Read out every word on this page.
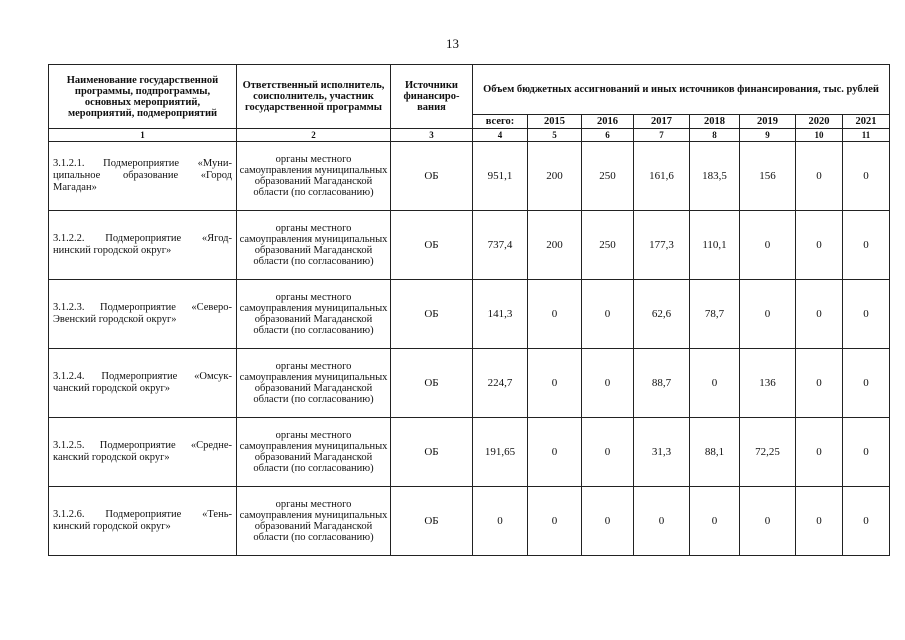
13
Наименование государственной программы, подпрограммы, основных мероприятий, мероприятий, подмероприятий	Ответственный исполнитель, соисполнитель, участник государственной программы	Источники финансиро-вания	Объем бюджетных ассигнований и иных источников финансирования, тыс. рублей							
			всего:	2015	2016	2017	2018	2019	2020	2021
1	2	3	4	5	6	7	8	9	10	11
3.1.2.1. Подмероприятие «Муни-ципальное образование «Город Магадан»	органы местного самоуправления муниципальных образований Магаданской области (по согласованию)	ОБ	951,1	200	250	161,6	183,5	156	0	0
3.1.2.2. Подмероприятие «Ягод-нинский городской округ»	органы местного самоуправления муниципальных образований Магаданской области (по согласованию)	ОБ	737,4	200	250	177,3	110,1	0	0	0
3.1.2.3. Подмероприятие «Северо-Эвенский городской округ»	органы местного самоуправления муниципальных образований Магаданской области (по согласованию)	ОБ	141,3	0	0	62,6	78,7	0	0	0
3.1.2.4. Подмероприятие «Омсук-чанский городской округ»	органы местного самоуправления муниципальных образований Магаданской области (по согласованию)	ОБ	224,7	0	0	88,7	0	136	0	0
3.1.2.5. Подмероприятие «Средне-канский городской округ»	органы местного самоуправления муниципальных образований Магаданской области (по согласованию)	ОБ	191,65	0	0	31,3	88,1	72,25	0	0
3.1.2.6. Подмероприятие «Тень-кинский городской округ»	органы местного самоуправления муниципальных образований Магаданской области (по согласованию)	ОБ	0	0	0	0	0	0	0	0
